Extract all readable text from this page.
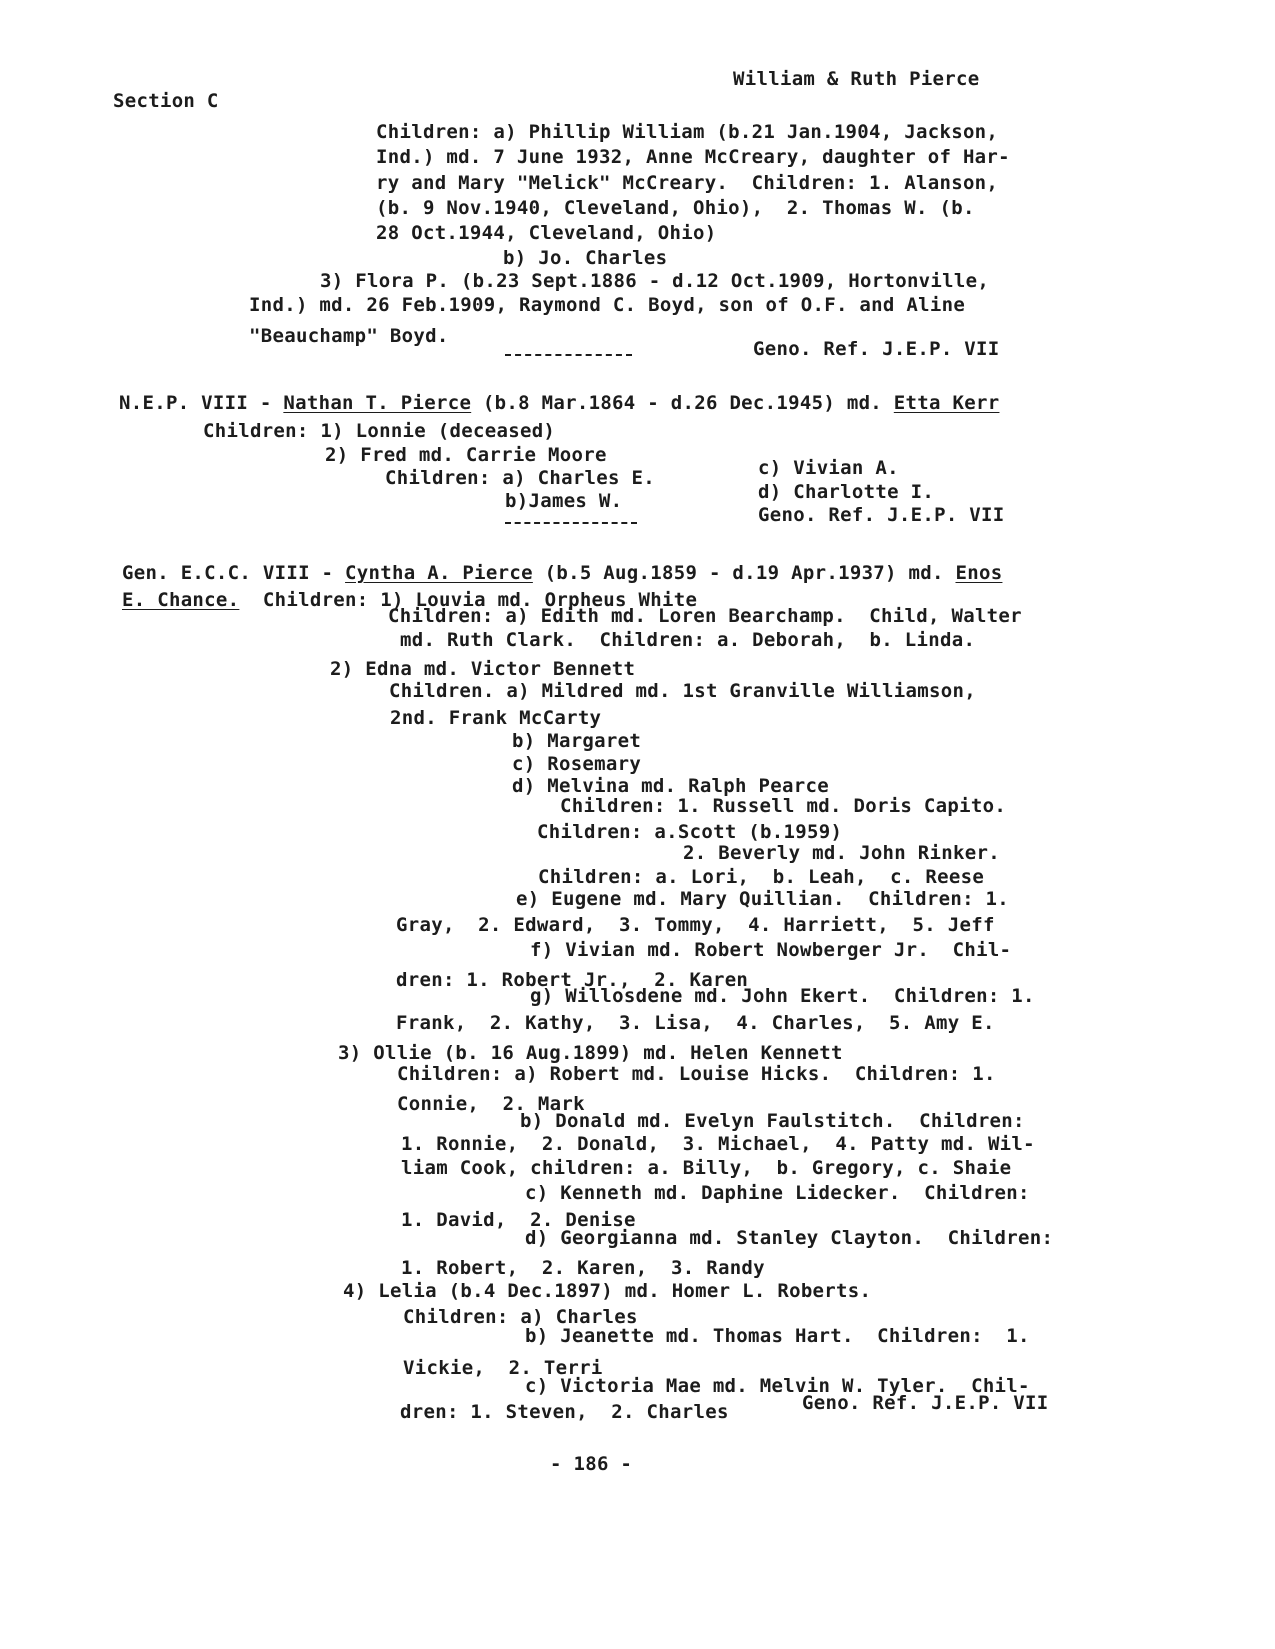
Section C
William & Ruth Pierce
Children: a) Phillip William (b.21 Jan.1904, Jackson,
Ind.) md. 7 June 1932, Anne McCreary, daughter of Har-
ry and Mary "Melick" McCreary.  Children: 1. Alanson,
(b. 9 Nov.1940, Cleveland, Ohio),  2. Thomas W. (b.
28 Oct.1944, Cleveland, Ohio)
b) Jo. Charles
3) Flora P. (b.23 Sept.1886 - d.12 Oct.1909, Hortonville,
Ind.) md. 26 Feb.1909, Raymond C. Boyd, son of O.F. and Aline
"Beauchamp" Boyd.
Geno. Ref. J.E.P. VII
N.E.P. VIII - Nathan T. Pierce (b.8 Mar.1864 - d.26 Dec.1945) md. Etta Kerr
Children: 1) Lonnie (deceased)
2) Fred md. Carrie Moore
Children: a) Charles E.	c) Vivian A.
b)James W.	d) Charlotte I.
Geno. Ref. J.E.P. VII
Gen. E.C.C. VIII - Cyntha A. Pierce (b.5 Aug.1859 - d.19 Apr.1937) md. Enos
E. Chance.  Children: 1) Louvia md. Orpheus White
Children: a) Edith md. Loren Bearchamp.  Child, Walter
md. Ruth Clark.  Children: a. Deborah,  b. Linda.
2) Edna md. Victor Bennett
Children. a) Mildred md. 1st Granville Williamson,
2nd. Frank McCarty
b) Margaret
c) Rosemary
d) Melvina md. Ralph Pearce
Children: 1. Russell md. Doris Capito.
Children: a.Scott (b.1959)
2. Beverly md. John Rinker.
Children: a. Lori,  b. Leah,  c. Reese
e) Eugene md. Mary Quillian.  Children: 1.
Gray,  2. Edward,  3. Tommy,  4. Harriett,  5. Jeff
f) Vivian md. Robert Nowberger Jr.  Chil-
dren: 1. Robert Jr.,  2. Karen
g) Willosdene md. John Ekert.  Children: 1.
Frank,  2. Kathy,  3. Lisa,  4. Charles,  5. Amy E.
3) Ollie (b. 16 Aug.1899) md. Helen Kennett
Children: a) Robert md. Louise Hicks.  Children: 1.
Connie,  2. Mark
b) Donald md. Evelyn Faulstitch.  Children:
1. Ronnie,  2. Donald,  3. Michael,  4. Patty md. Wil-
liam Cook, children: a. Billy,  b. Gregory, c. Shaie
c) Kenneth md. Daphine Lidecker.  Children:
1. David,  2. Denise
d) Georgianna md. Stanley Clayton.  Children:
1. Robert,  2. Karen,  3. Randy
4) Lelia (b.4 Dec.1897) md. Homer L. Roberts.
Children: a) Charles
b) Jeanette md. Thomas Hart.  Children:  1.
Vickie,  2. Terri
c) Victoria Mae md. Melvin W. Tyler.  Chil-
dren: 1. Steven,  2. Charles	Geno. Ref. J.E.P. VII
- 186 -
